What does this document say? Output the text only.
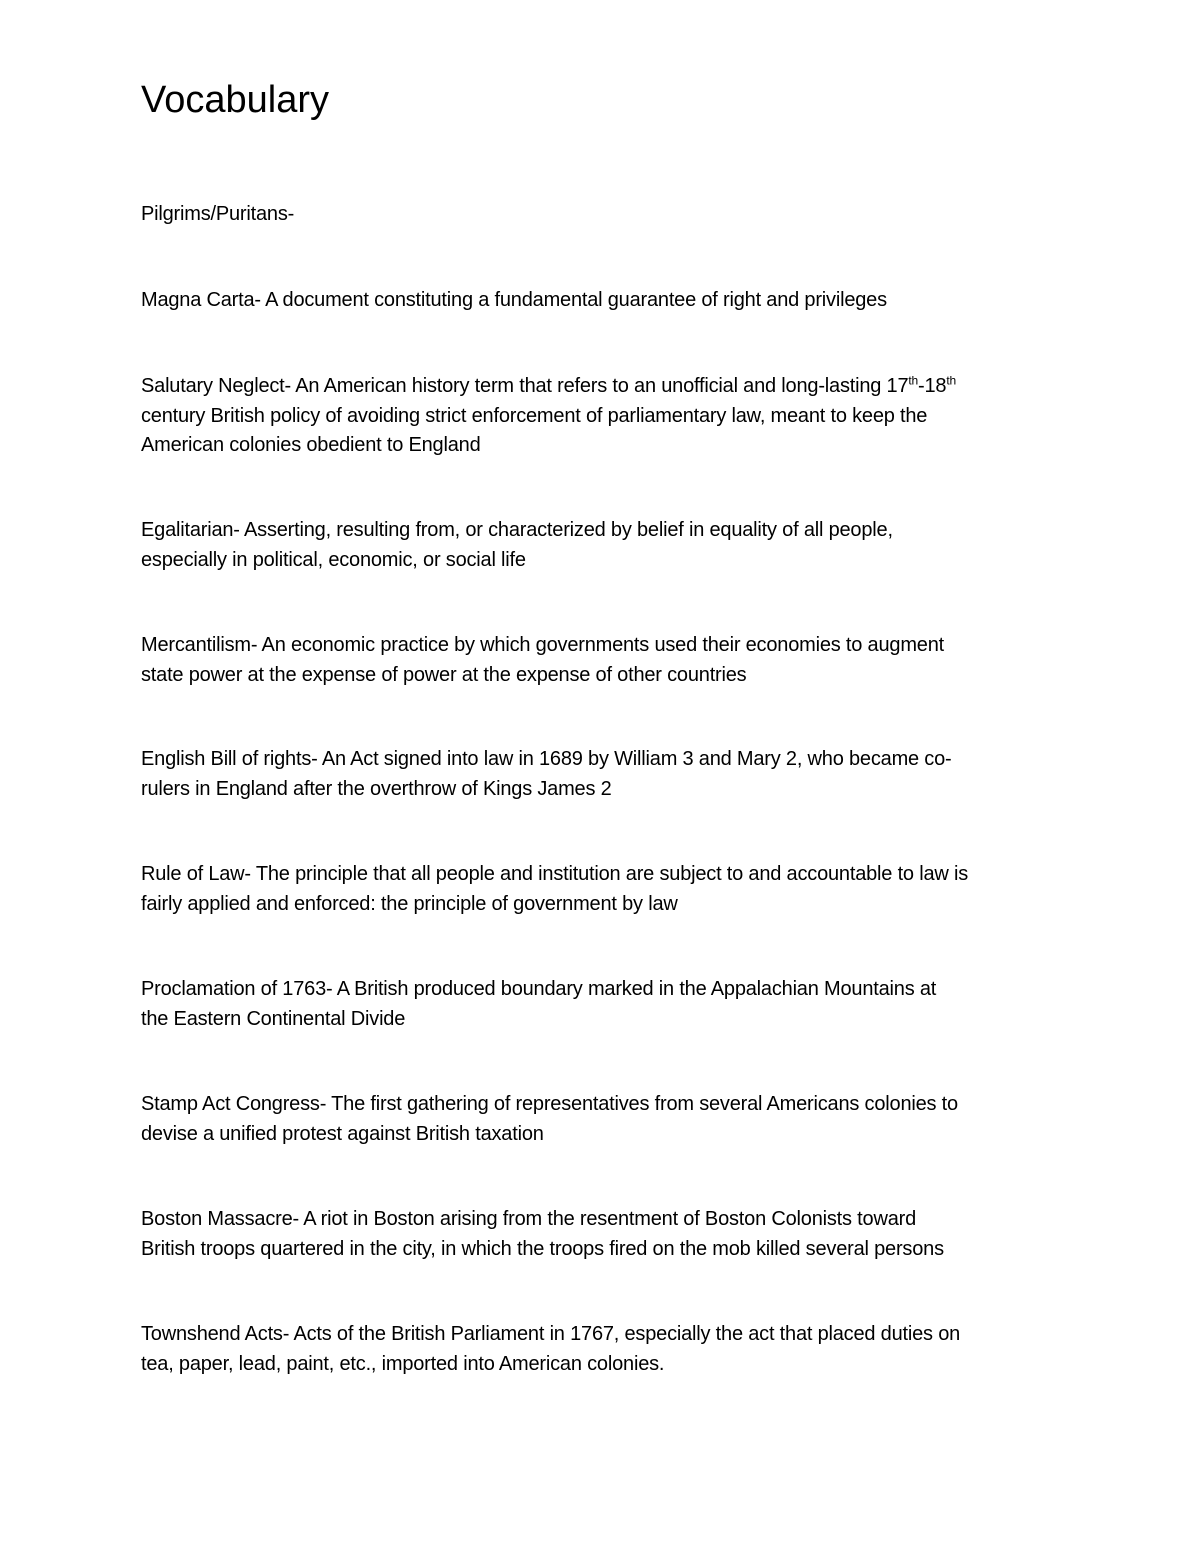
Vocabulary
Pilgrims/Puritans-
Magna Carta- A document constituting a fundamental guarantee of right and privileges
Salutary Neglect- An American history term that refers to an unofficial and long-lasting 17th-18th
century British policy of avoiding strict enforcement of parliamentary law, meant to keep the
American colonies obedient to England
Egalitarian- Asserting, resulting from, or characterized by belief in equality of all people,
especially in political, economic, or social life
Mercantilism- An economic practice by which governments used their economies to augment
state power at the expense of power at the expense of other countries
English Bill of rights- An Act signed into law in 1689 by William 3 and Mary 2, who became co-
rulers in England after the overthrow of Kings James 2
Rule of Law- The principle that all people and institution are subject to and accountable to law is
fairly applied and enforced: the principle of government by law
Proclamation of 1763- A British produced boundary marked in the Appalachian Mountains at
the Eastern Continental Divide
Stamp Act Congress- The first gathering of representatives from several Americans colonies to
devise a unified protest against British taxation
Boston Massacre- A riot in Boston arising from the resentment of Boston Colonists toward
British troops quartered in the city, in which the troops fired on the mob killed several persons
Townshend Acts- Acts of the British Parliament in 1767, especially the act that placed duties on
tea, paper, lead, paint, etc., imported into American colonies.
